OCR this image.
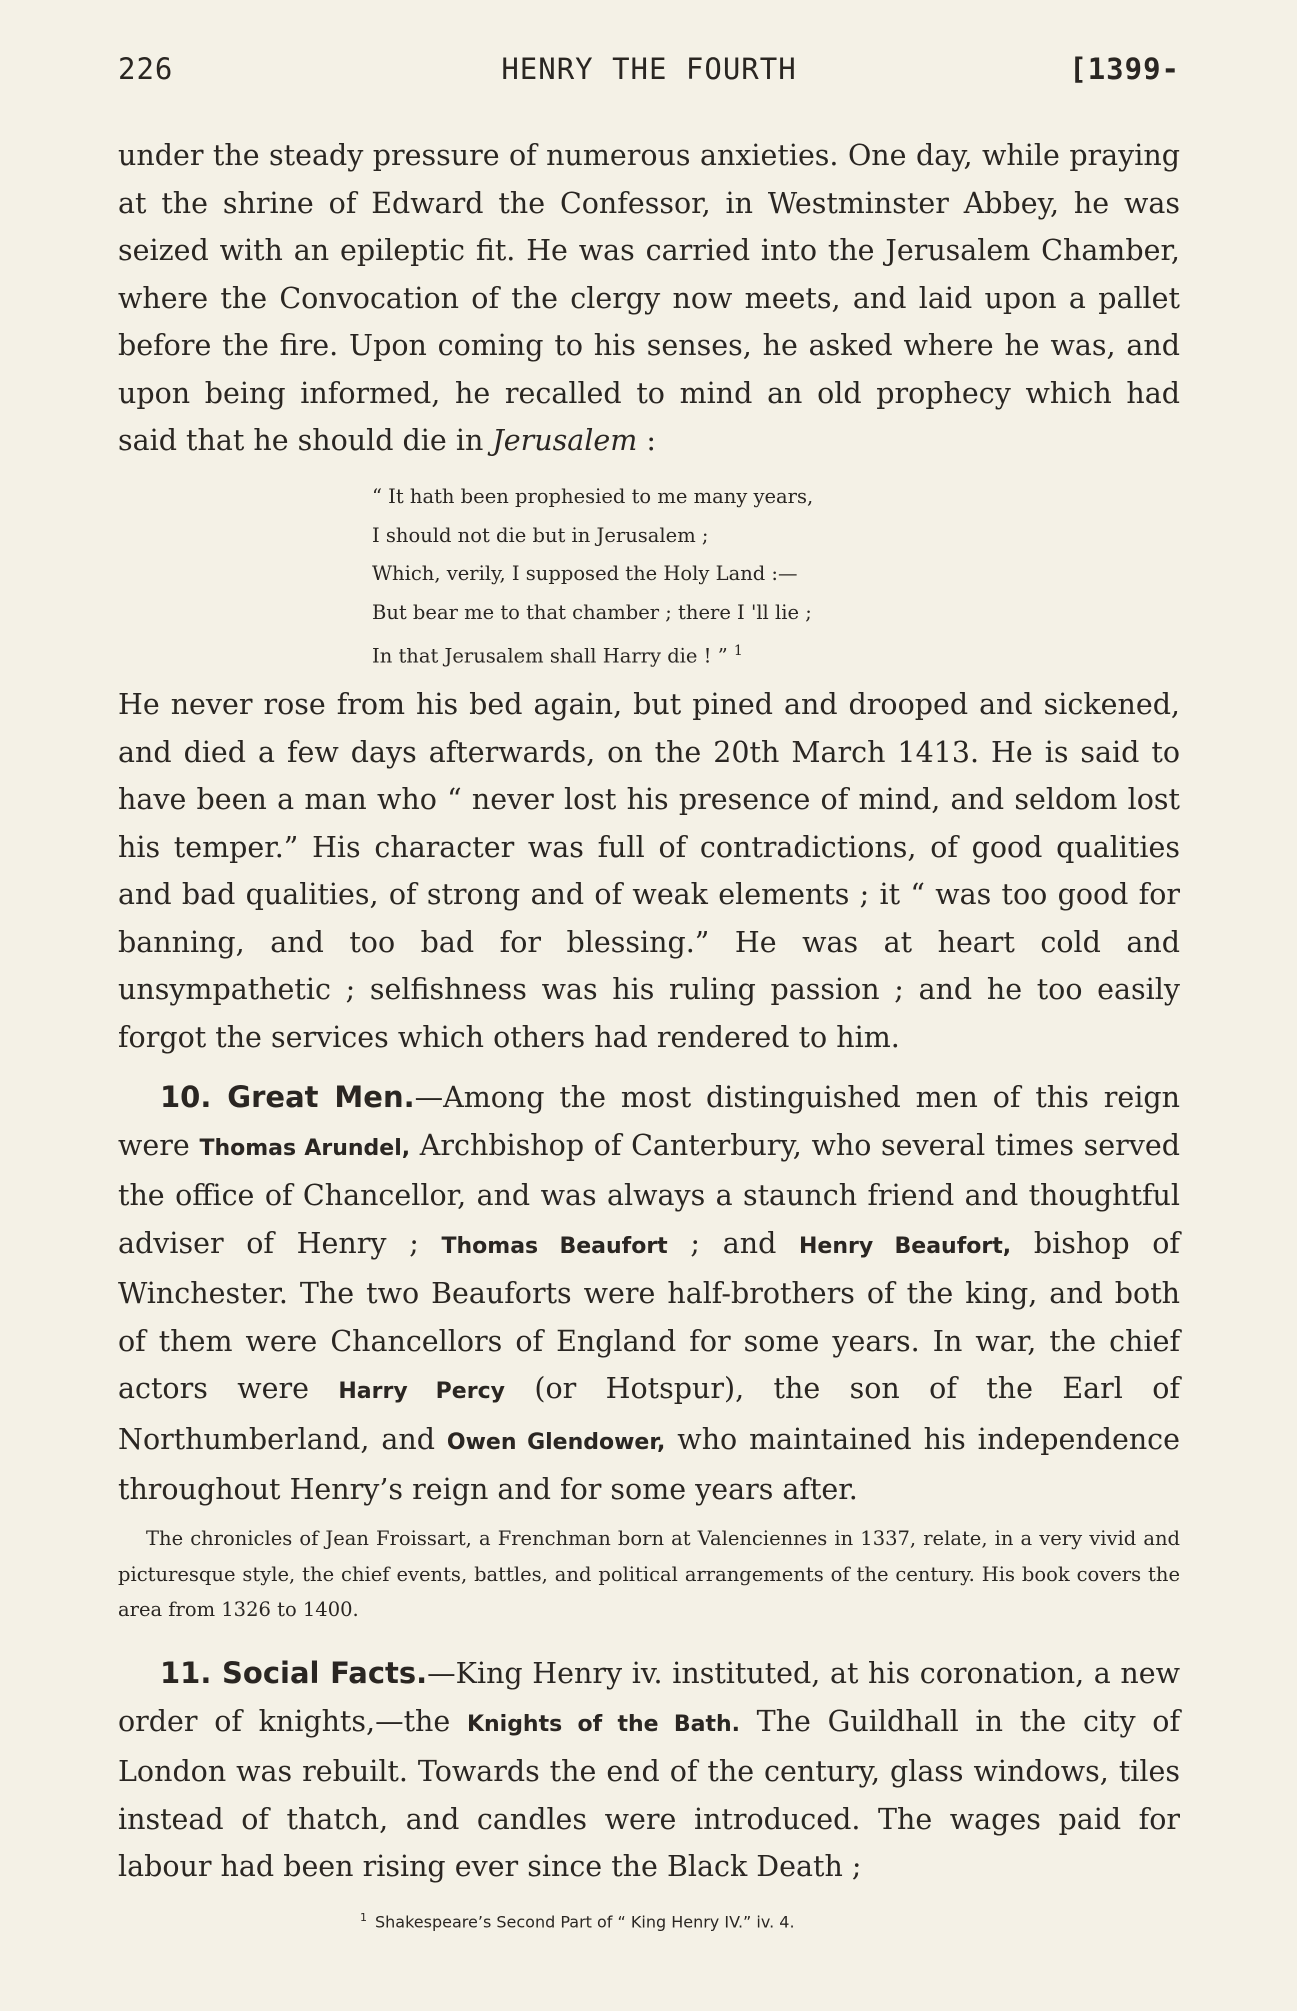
226	HENRY THE FOURTH	[1399-
under the steady pressure of numerous anxieties. One day, while praying at the shrine of Edward the Confessor, in Westminster Abbey, he was seized with an epileptic fit. He was carried into the Jerusalem Chamber, where the Convocation of the clergy now meets, and laid upon a pallet before the fire. Upon coming to his senses, he asked where he was, and upon being informed, he recalled to mind an old prophecy which had said that he should die in Jerusalem :
“ It hath been prophesied to me many years,
I should not die but in Jerusalem ;
Which, verily, I supposed the Holy Land :—
But bear me to that chamber ; there I 'll lie ;
In that Jerusalem shall Harry die ! ” $^1$
He never rose from his bed again, but pined and drooped and sickened, and died a few days afterwards, on the 20th March 1413. He is said to have been a man who “ never lost his presence of mind, and seldom lost his temper.” His character was full of contradictions, of good qualities and bad qualities, of strong and of weak elements ; it “ was too good for banning, and too bad for blessing.” He was at heart cold and unsympathetic ; selfishness was his ruling passion ; and he too easily forgot the services which others had rendered to him.
10. Great Men.—Among the most distinguished men of this reign were Thomas Arundel, Archbishop of Canterbury, who several times served the office of Chancellor, and was always a staunch friend and thoughtful adviser of Henry ; Thomas Beaufort ; and Henry Beaufort, bishop of Winchester. The two Beauforts were half-brothers of the king, and both of them were Chancellors of England for some years. In war, the chief actors were Harry Percy (or Hotspur), the son of the Earl of Northumberland, and Owen Glendower, who maintained his independence throughout Henry’s reign and for some years after.
The chronicles of Jean Froissart, a Frenchman born at Valenciennes in 1337, relate, in a very vivid and picturesque style, the chief events, battles, and political arrangements of the century. His book covers the area from 1326 to 1400.
11. Social Facts.—King Henry iv. instituted, at his coronation, a new order of knights,—the Knights of the Bath. The Guildhall in the city of London was rebuilt. Towards the end of the century, glass windows, tiles instead of thatch, and candles were introduced. The wages paid for labour had been rising ever since the Black Death ;
$^1$ Shakespeare’s Second Part of “ King Henry IV.” iv. 4.
